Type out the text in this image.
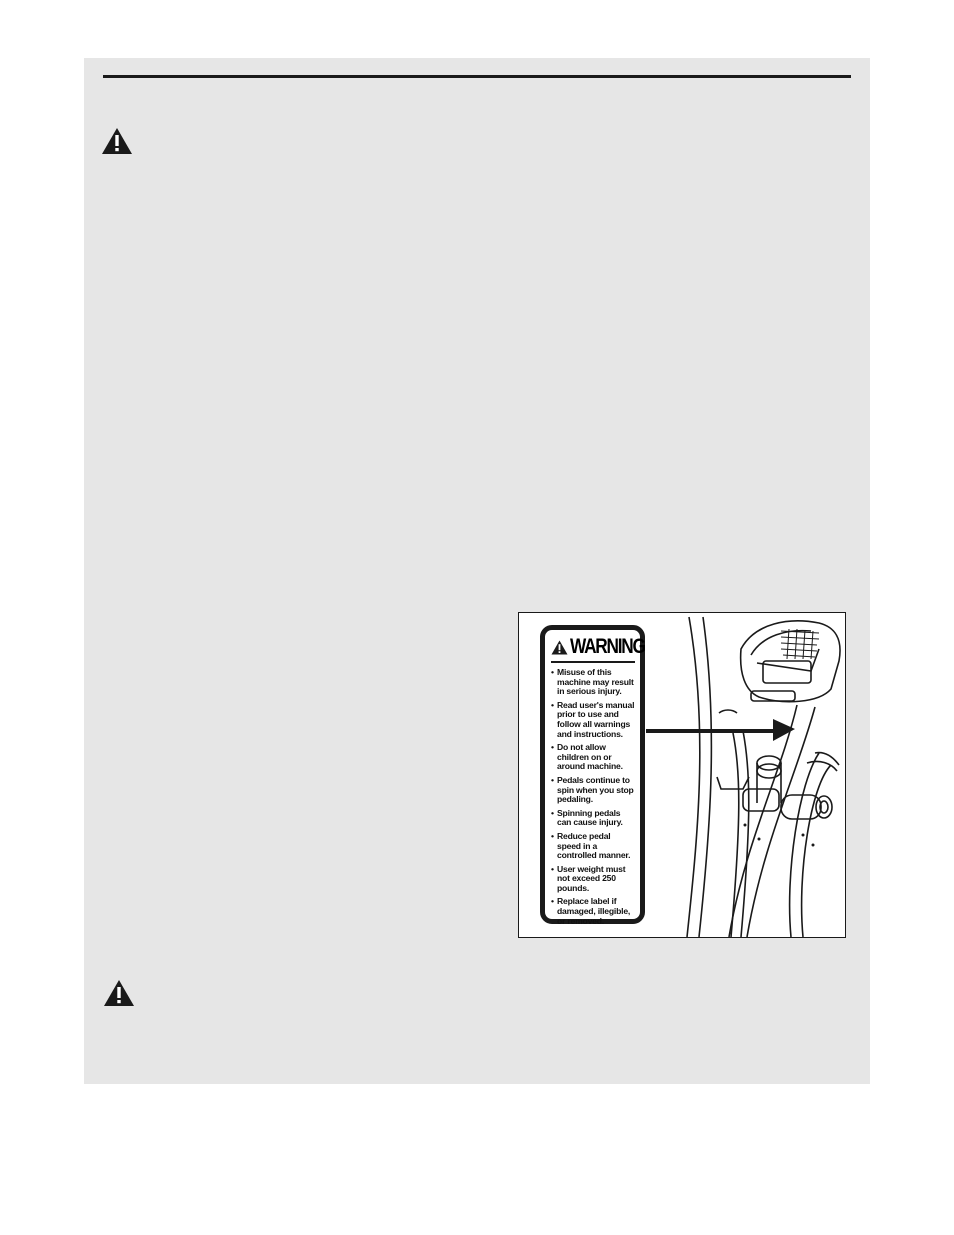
WARNING
• Misuse of this machine may result in serious injury.
• Read user's manual prior to use and follow all warnings and instructions.
• Do not allow children on or around machine.
• Pedals continue to spin when you stop pedaling.
• Spinning pedals can cause injury.
• Reduce pedal speed in a controlled manner.
• User weight must not exceed 250 pounds.
• Replace label if damaged, illegible, or removed.
